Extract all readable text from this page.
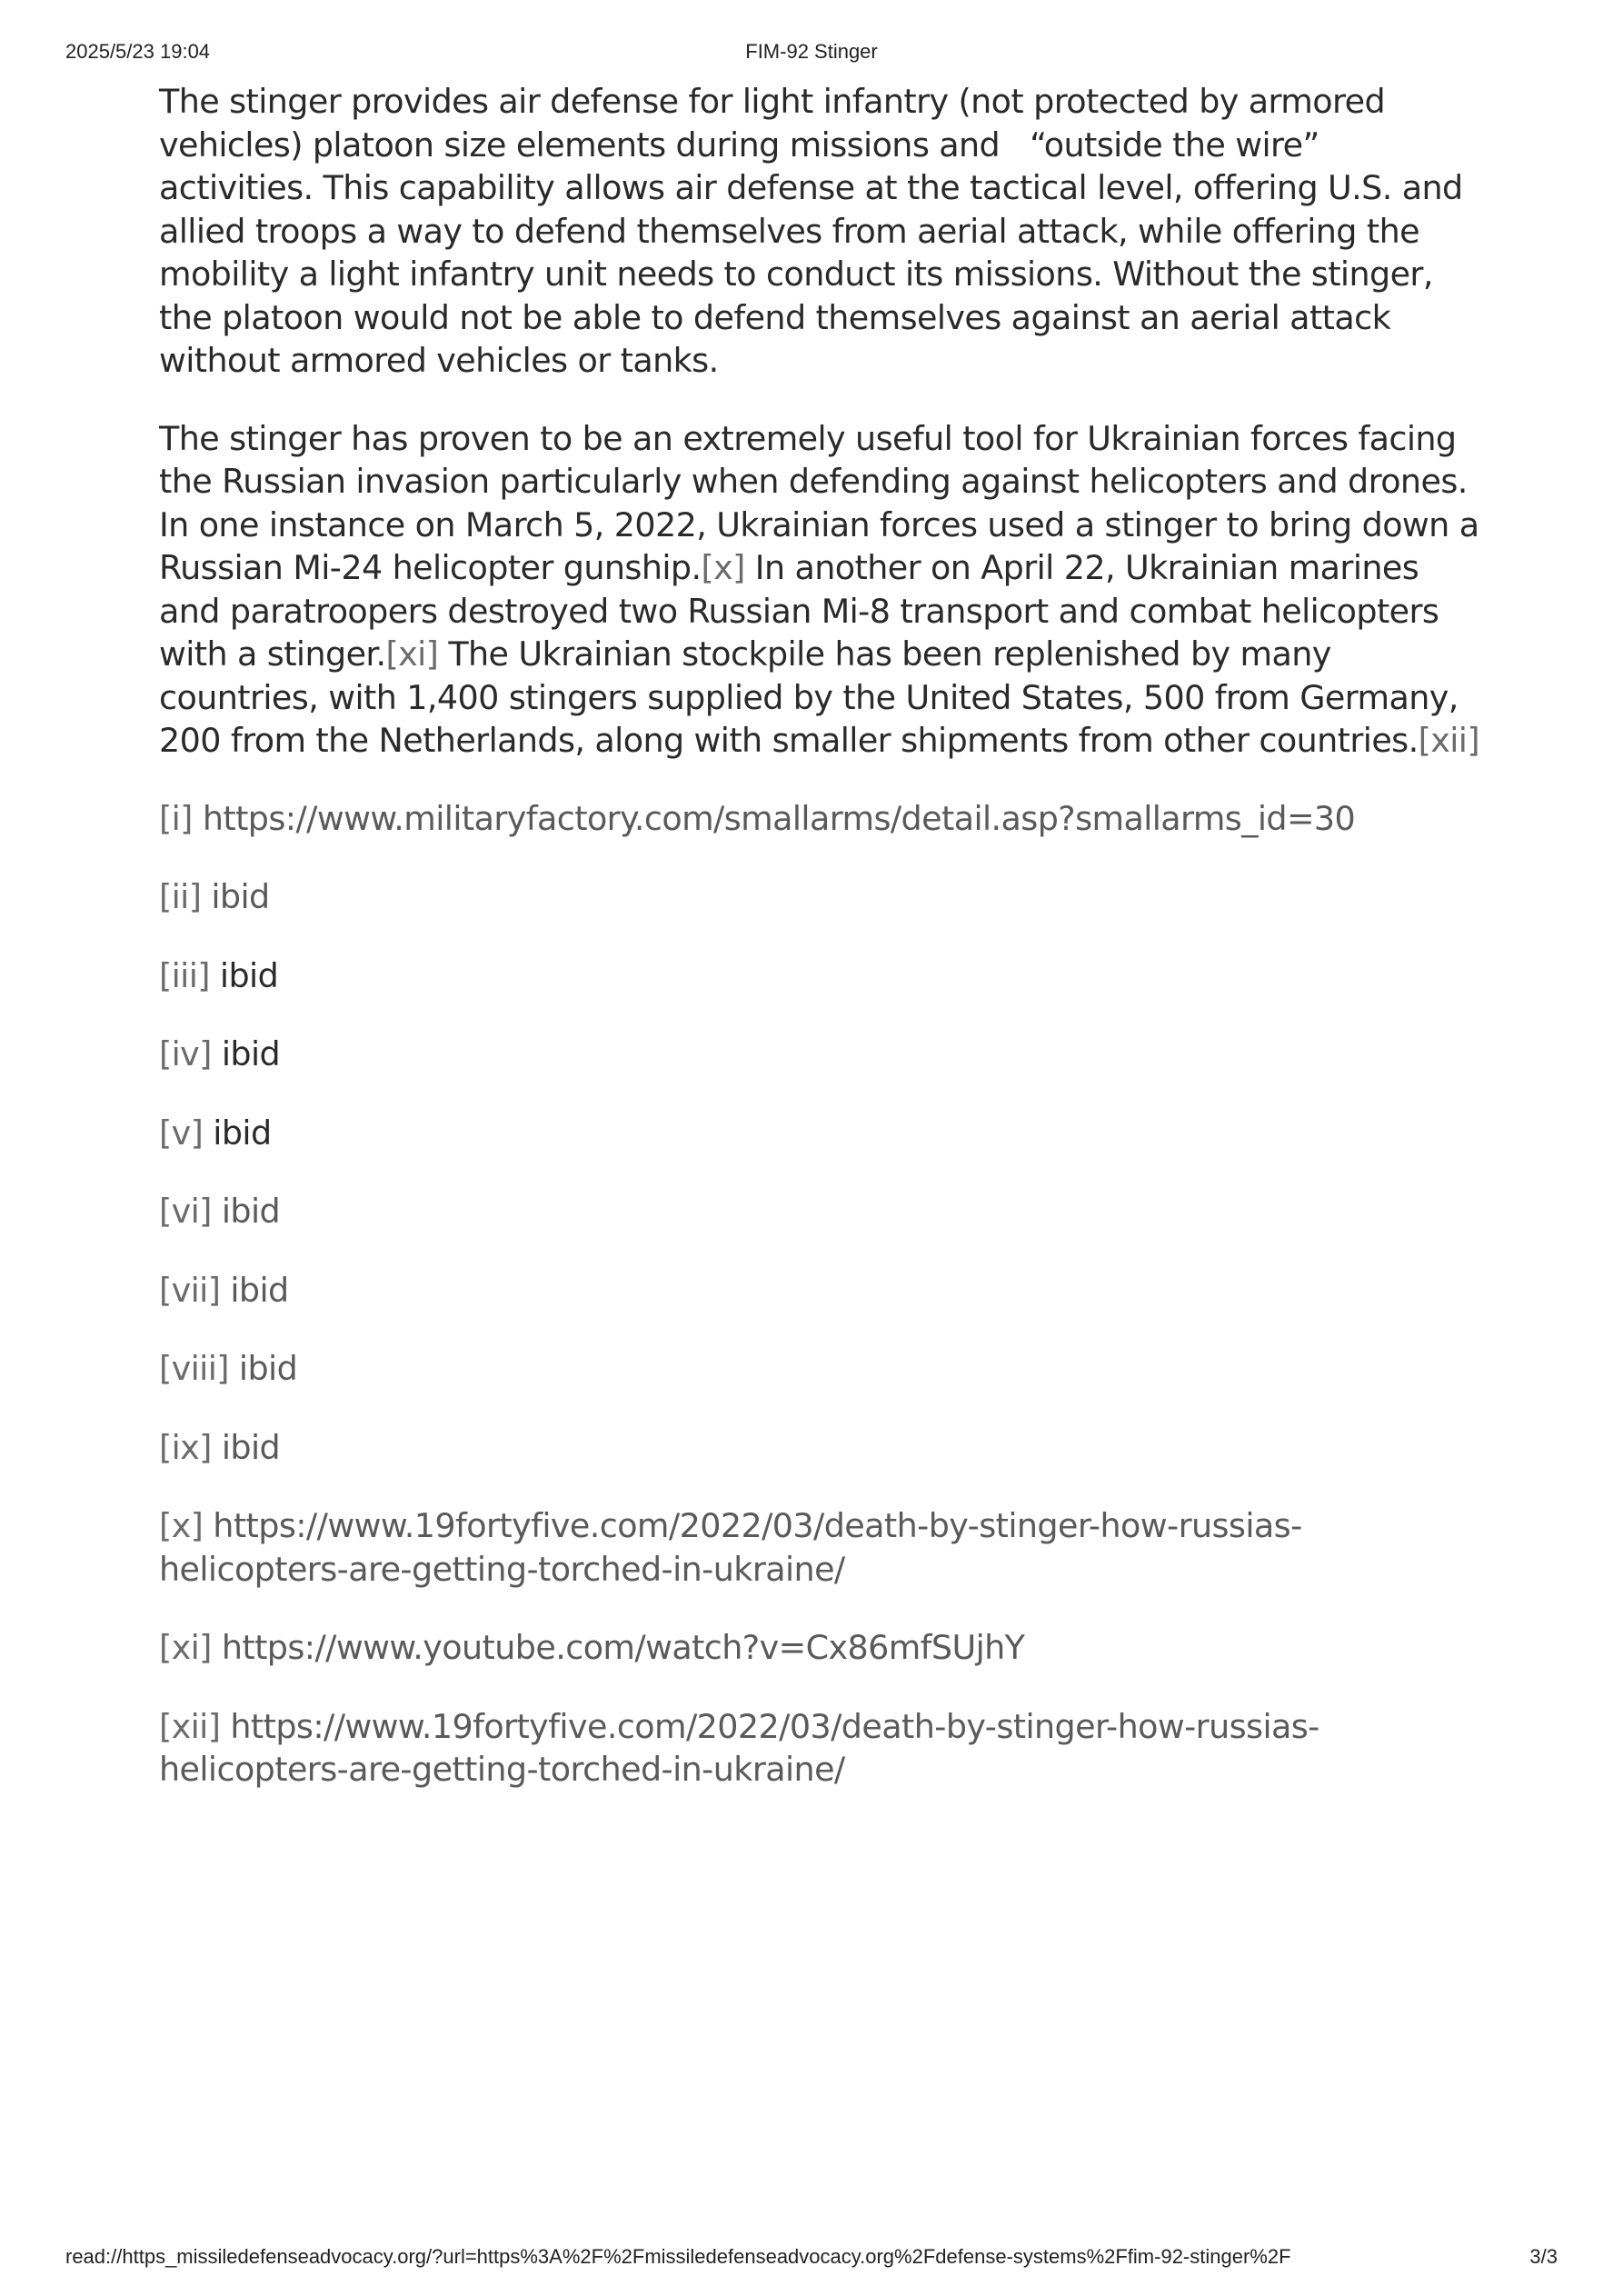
2025/5/23 19:04	FIM-92 Stinger

The stinger provides air defense for light infantry (not protected by armored vehicles) platoon size elements during missions and   “outside the wire”   activities. This capability allows air defense at the tactical level, offering U.S. and allied troops a way to defend themselves from aerial attack, while offering the mobility a light infantry unit needs to conduct its missions. Without the stinger, the platoon would not be able to defend themselves against an aerial attack without armored vehicles or tanks.

The stinger has proven to be an extremely useful tool for Ukrainian forces facing the Russian invasion particularly when defending against helicopters and drones. In one instance on March 5, 2022, Ukrainian forces used a stinger to bring down a Russian Mi-24 helicopter gunship.[x] In another on April 22, Ukrainian marines and paratroopers destroyed two Russian Mi-8 transport and combat helicopters with a stinger.[xi] The Ukrainian stockpile has been replenished by many countries, with 1,400 stingers supplied by the United States, 500 from Germany, 200 from the Netherlands, along with smaller shipments from other countries.[xii]

[i] https://www.militaryfactory.com/smallarms/detail.asp?smallarms_id=30

[ii] ibid

[iii] ibid

[iv] ibid

[v] ibid

[vi] ibid

[vii] ibid

[viii] ibid

[ix] ibid

[x] https://www.19fortyfive.com/2022/03/death-by-stinger-how-russias-helicopters-are-getting-torched-in-ukraine/

[xi] https://www.youtube.com/watch?v=Cx86mfSUjhY

[xii] https://www.19fortyfive.com/2022/03/death-by-stinger-how-russias-helicopters-are-getting-torched-in-ukraine/

read://https_missiledefenseadvocacy.org/?url=https%3A%2F%2Fmissiledefenseadvocacy.org%2Fdefense-systems%2Ffim-92-stinger%2F	3/3
